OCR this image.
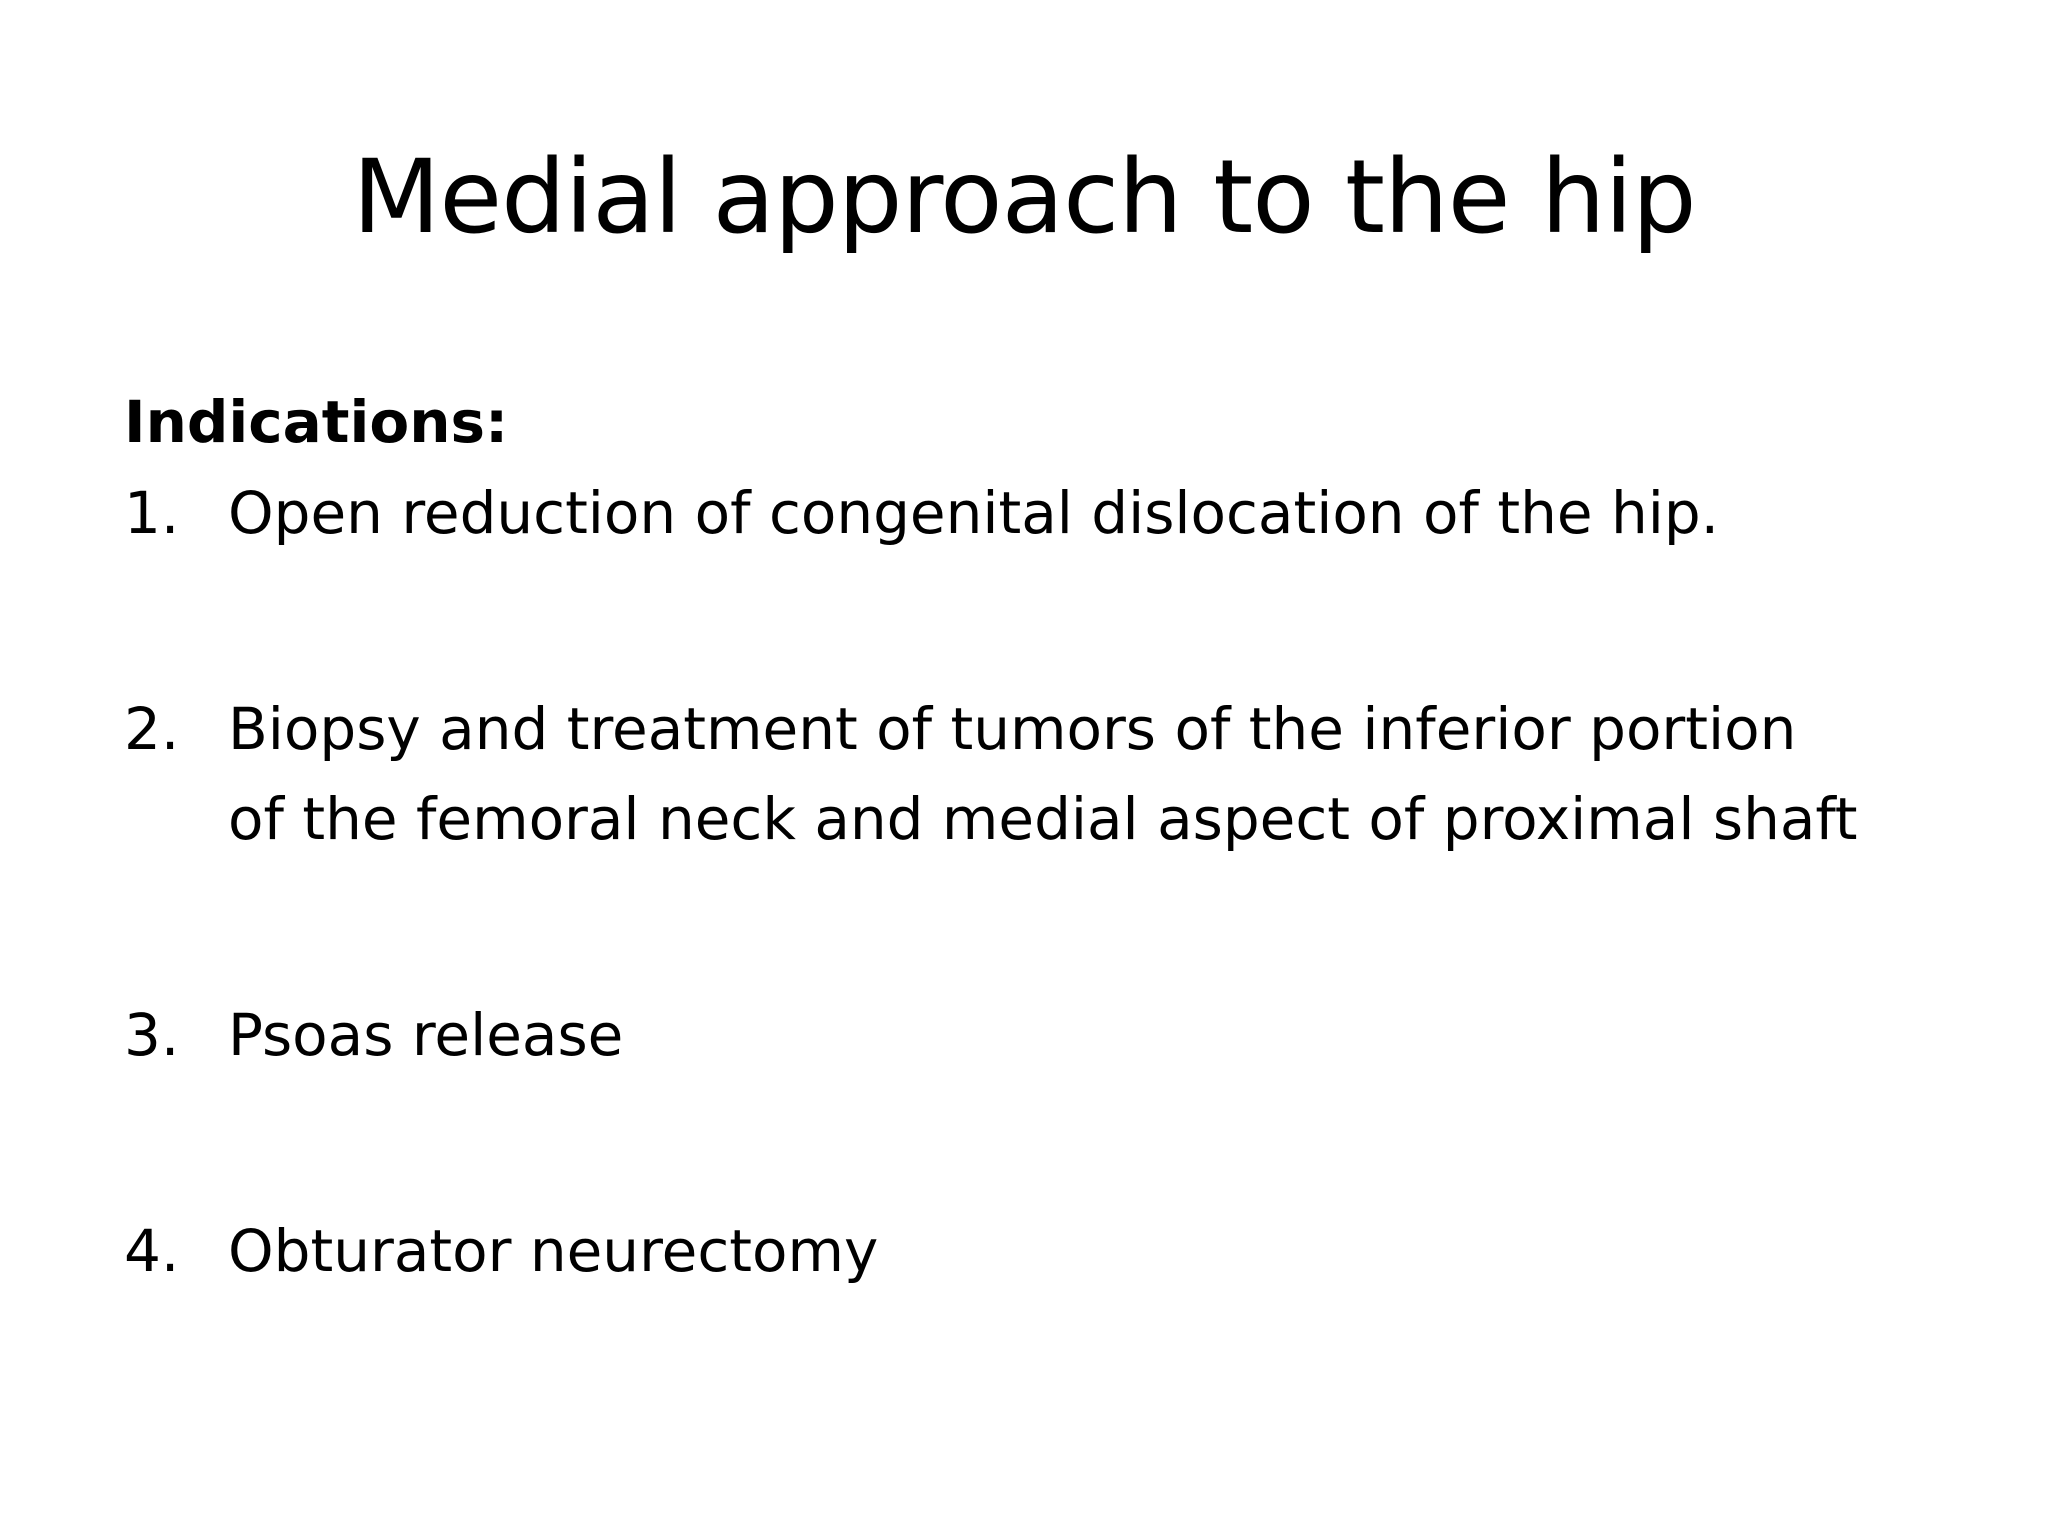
Medial approach to the hip

Indications:

1. Open reduction of congenital dislocation of the hip.
2. Biopsy and treatment of tumors of the inferior portion
of the femoral neck and medial aspect of proximal shaft
3. Psoas release
4. Obturator neurectomy
